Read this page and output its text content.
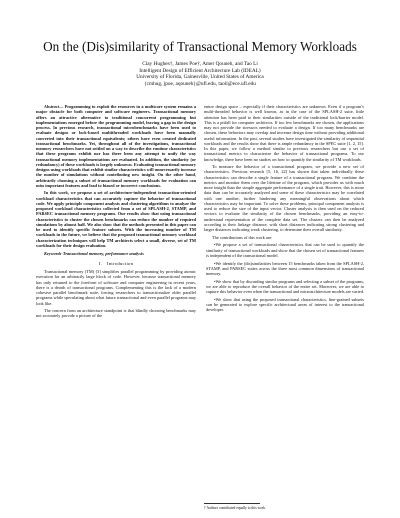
On the (Dis)similarity of Transactional Memory Workloads
Clay Hughes†, James Poe†, Amer Qouneh, and Tao Li
Intelligent Design of Efficient Architecture Lab (IDEAL)
University of Florida, Gainesville, United States of America
{cmhug, jpoe, aqouneh}@ufl.edu, taoli@ece.ufl.edu

Abstract— Programming to exploit the resources in a multicore system remains a major obstacle for both computer and software engineers. Transactional memory offers an attractive alternative to traditional concurrent programming but implementations emerged before the programming model, leaving a gap in the design process. In previous research, transactional microbenchmarks have been used to evaluate designs or lock-based multithreaded workloads have been manually converted into their transactional equivalents; others have even created dedicated transactional benchmarks. Yet, throughout all of the investigations, transactional memory researchers have not settled on a way to describe the runtime characteristics that these programs exhibit nor has there been any attempt to unify the way transactional memory implementations are evaluated. In addition, the similarity (or redundancy) of these workloads is largely unknown. Evaluating transactional memory designs using workloads that exhibit similar characteristics will unnecessarily increase the number of simulations without contributing new insight. On the other hand, arbitrarily choosing a subset of transactional memory workloads for evaluation can miss important features and lead to biased or incorrect conclusions.

In this work, we propose a set of architecture-independent transaction-oriented workload characteristics that can accurately capture the behavior of transactional code. We apply principle component analysis and clustering algorithms to analyze the proposed workload characteristics collected from a set of SPLASH-2, STAMP, and PARSEC transactional memory programs. Our results show that using transactional characteristics to cluster the chosen benchmarks can reduce the number of required simulations by almost half. We also show that the methods presented in this paper can be used to identify specific feature subsets. With the increasing number of TM workloads in the future, we believe that the proposed transactional memory workload characterization techniques will help TM architects select a small, diverse, set of TM workloads for their design evaluation.

Keywords-Transactional memory, performance analysis

I. Introduction

Transactional memory (TM) [3] simplifies parallel programming by providing atomic execution for an arbitrarily large block of code. However, because transactional memory has only returned to the forefront of software and computer engineering in recent years, there is a dearth of transactional programs. Complementing this is the lack of a modern cohesive parallel benchmark suite, forcing researchers to transactionalize older parallel programs while speculating about what future transactional and even parallel programs may look like.

The concern from an architecture standpoint is that blindly choosing benchmarks may not accurately provide a picture of the

entire design space – especially if their characteristics are unknown. Even if a program’s multi-threaded behavior is well known, as in the case of the SPLASH-2 suite, little attention has been paid to their similarities outside of the traditional lock/barrier model. This is a pitfall for computer architects. If too few benchmarks are chosen, the applications may not provide the stressors needed to evaluate a design. If too many benchmarks are chosen, these behaviors may overlap and increase design time without providing additional useful information. In the past, several studies have investigated the similarity of sequential workloads and the results show that there is ample redundancy in the SPEC suite [1, 2, 15]. In this paper, we follow a method similar to previous researchers but use a set of transactional metrics to characterize the behavior of transactional programs. To our knowledge, there have been no studies on how to quantify the similarity of TM workloads.

To measure the behavior of a transactional program, we provide a new set of characteristics. Previous research [5, 16, 22] has shown that taken individually these characteristics can describe a single feature of a transactional program. We combine the metrics and monitor them over the lifetime of the program, which provides us with much more insight than the simple aggregate performance of a single trait. However, this is more data than can be accurately analyzed and some of these characteristics may be correlated with one another, further hindering any meaningful observations about which characteristics may be important. To solve these problems, principal component analysis is used to reduce the size of the input vector. Cluster analysis is then used on the reduced vectors to evaluate the similarity of the chosen benchmarks, providing an easy-to-understand representation of the complete data set. The clusters can then be analyzed according to their linkage distance, with short distances indicating strong clustering and larger distances indicating weak clustering, to determine their overall similarity.

The contributions of this work are:

•We propose a set of transactional characteristics that can be used to quantify the similarity of transactional workloads and show that the chosen set of transactional features is independent of the transactional model.

•We identify the (dis)similarities between 15 benchmarks taken from the SPLASH-2, STAMP, and PARSEC suites across the three most common dimensions of transactional memory.

•We show that by discarding similar programs and selecting a subset of the programs, we are able to reproduce the overall behavior of the entire set. Moreover, we are able to capture this behavior even when the transactional and microarchitecture models are varied.

•We show that using the proposed transactional characteristics, fine-grained subsets can be generated to explore specific architectural areas of interest to the transactional developer.

† Authors contributed equally to this work.
